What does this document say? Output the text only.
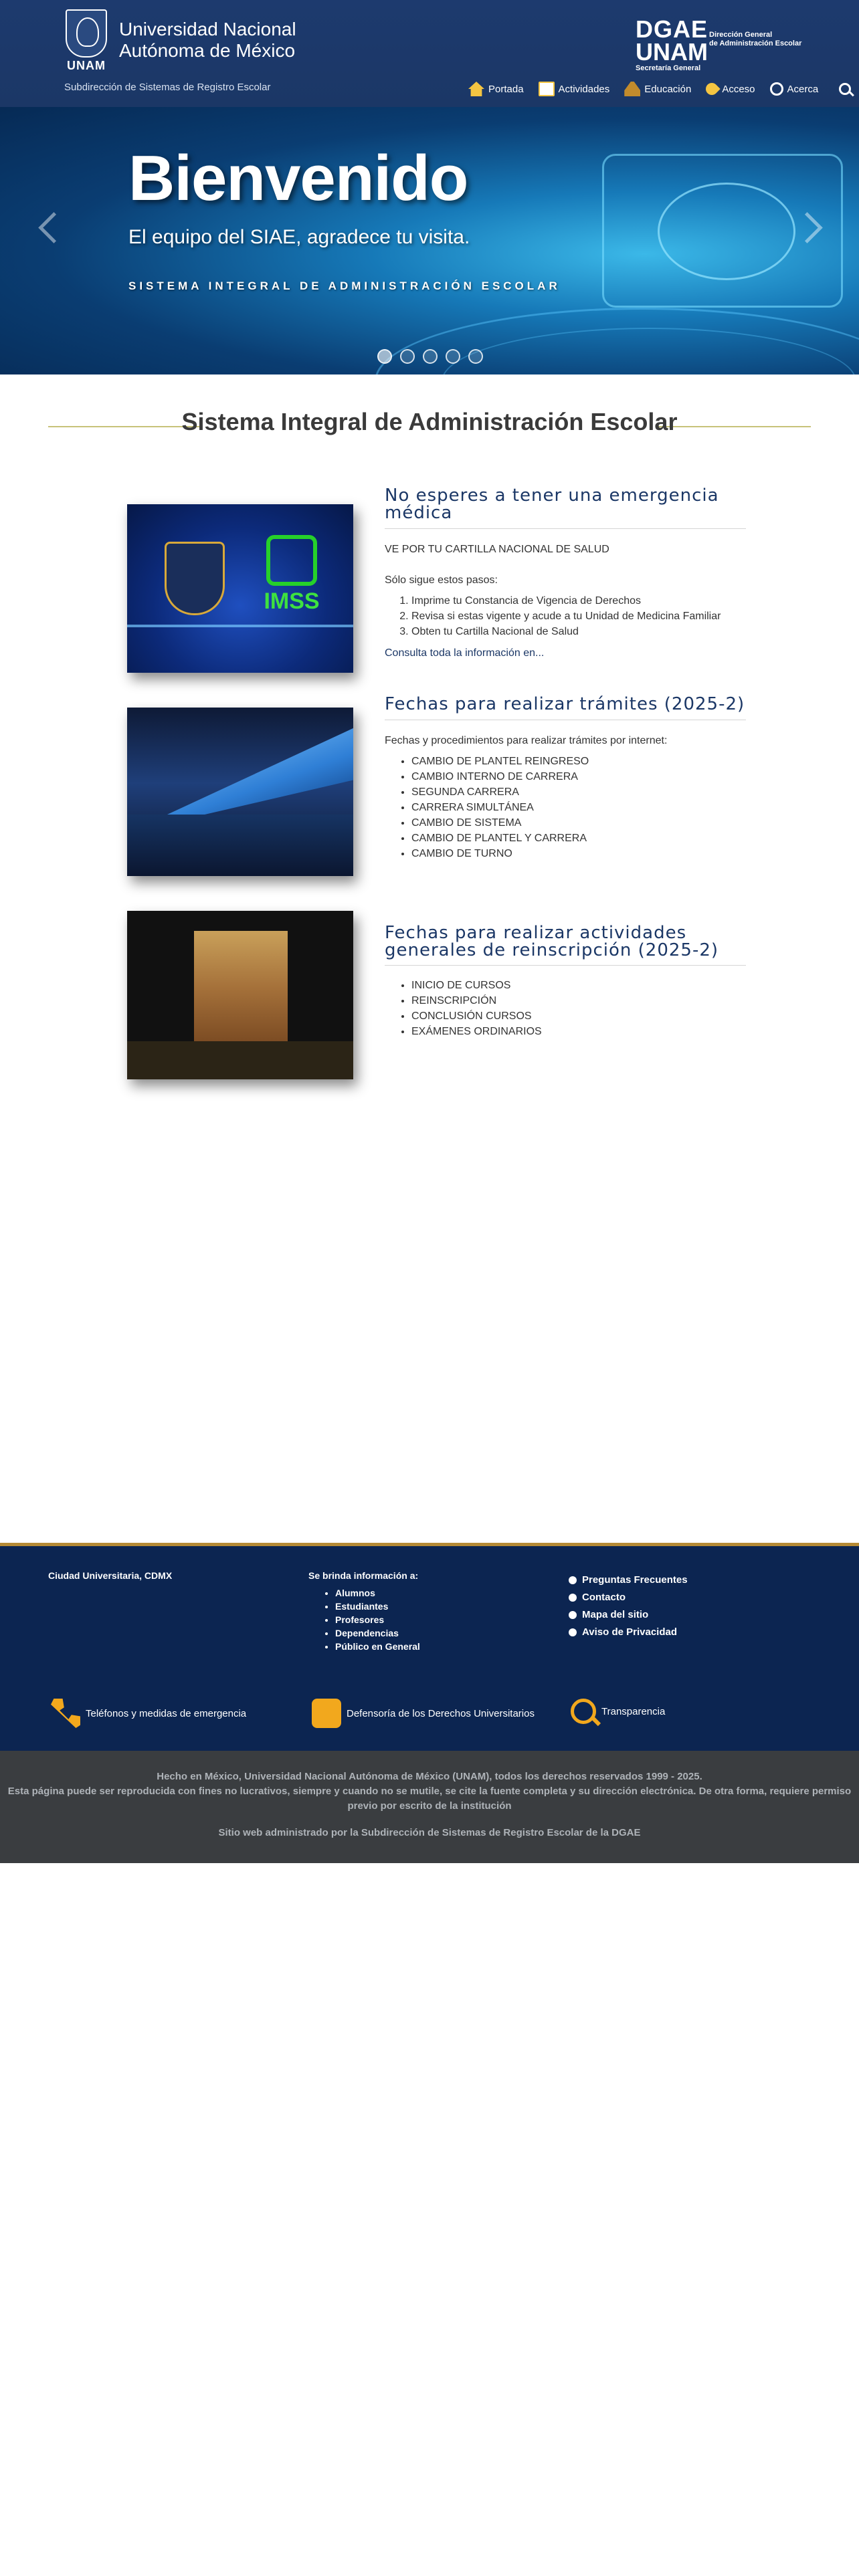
UNAM
Universidad Nacional
Autónoma de México
Subdirección de Sistemas de Registro Escolar
DGAE Dirección General
de Administración Escolar
UNAM
Secretaría General
Portada	Actividades	Educación	Acceso	Acerca
Bienvenido
El equipo del SIAE, agradece tu visita.
SISTEMA INTEGRAL DE ADMINISTRACIÓN ESCOLAR
Sistema Integral de Administración Escolar
IMSS
No esperes a tener una emergencia
médica
VE POR TU CARTILLA NACIONAL DE SALUD
Sólo sigue estos pasos:
1. Imprime tu Constancia de Vigencia de Derechos
2. Revisa si estas vigente y acude a tu Unidad de Medicina Familiar
3. Obten tu Cartilla Nacional de Salud
Consulta toda la información en...
Fechas para realizar trámites (2025-2)
Fechas y procedimientos para realizar trámites por internet:
• CAMBIO DE PLANTEL REINGRESO
• CAMBIO INTERNO DE CARRERA
• SEGUNDA CARRERA
• CARRERA SIMULTÁNEA
• CAMBIO DE SISTEMA
• CAMBIO DE PLANTEL Y CARRERA
• CAMBIO DE TURNO
Fechas para realizar actividades
generales de reinscripción (2025-2)
• INICIO DE CURSOS
• REINSCRIPCIÓN
• CONCLUSIÓN CURSOS
• EXÁMENES ORDINARIOS
Ciudad Universitaria, CDMX	Se brinda información a:
• Alumnos
• Estudiantes
• Profesores
• Dependencias
• Público en General
Preguntas Frecuentes
Contacto
Mapa del sitio
Aviso de Privacidad
Teléfonos y medidas de emergencia	Defensoría de los Derechos Universitarios	Transparencia

Hecho en México, Universidad Nacional Autónoma de México (UNAM), todos los derechos reservados 1999 - 2025.

Esta página puede ser reproducida con fines no lucrativos, siempre y cuando no se mutile, se cite la fuente completa y su dirección electrónica. De otra forma, requiere permiso

previo por escrito de la institución

Sitio web administrado por la Subdirección de Sistemas de Registro Escolar de la DGAE
